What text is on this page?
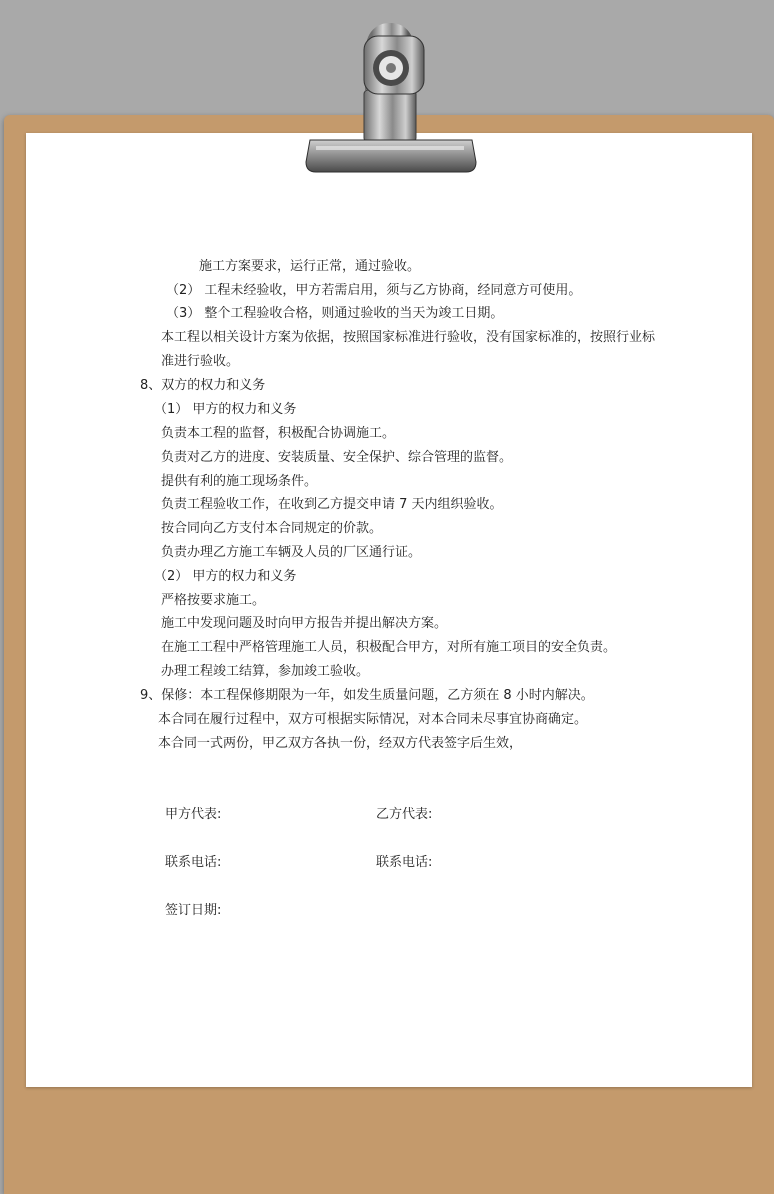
施工方案要求，运行正常，通过验收。
（2） 工程未经验收，甲方若需启用，须与乙方协商，经同意方可使用。
（3） 整个工程验收合格，则通过验收的当天为竣工日期。
本工程以相关设计方案为依据，按照国家标准进行验收，没有国家标准的，按照行业标
准进行验收。
8、双方的权力和义务
（1） 甲方的权力和义务
负责本工程的监督，积极配合协调施工。
负责对乙方的进度、安装质量、安全保护、综合管理的监督。
提供有利的施工现场条件。
负责工程验收工作，在收到乙方提交申请 7 天内组织验收。
按合同向乙方支付本合同规定的价款。
负责办理乙方施工车辆及人员的厂区通行证。
（2） 甲方的权力和义务
严格按要求施工。
施工中发现问题及时向甲方报告并提出解决方案。
在施工工程中严格管理施工人员，积极配合甲方，对所有施工项目的安全负责。
办理工程竣工结算，参加竣工验收。
9、保修：本工程保修期限为一年，如发生质量问题，乙方须在 8 小时内解决。
本合同在履行过程中，双方可根据实际情况，对本合同未尽事宜协商确定。
本合同一式两份，甲乙双方各执一份，经双方代表签字后生效，
甲方代表:	乙方代表:
联系电话:	联系电话:
签订日期:
